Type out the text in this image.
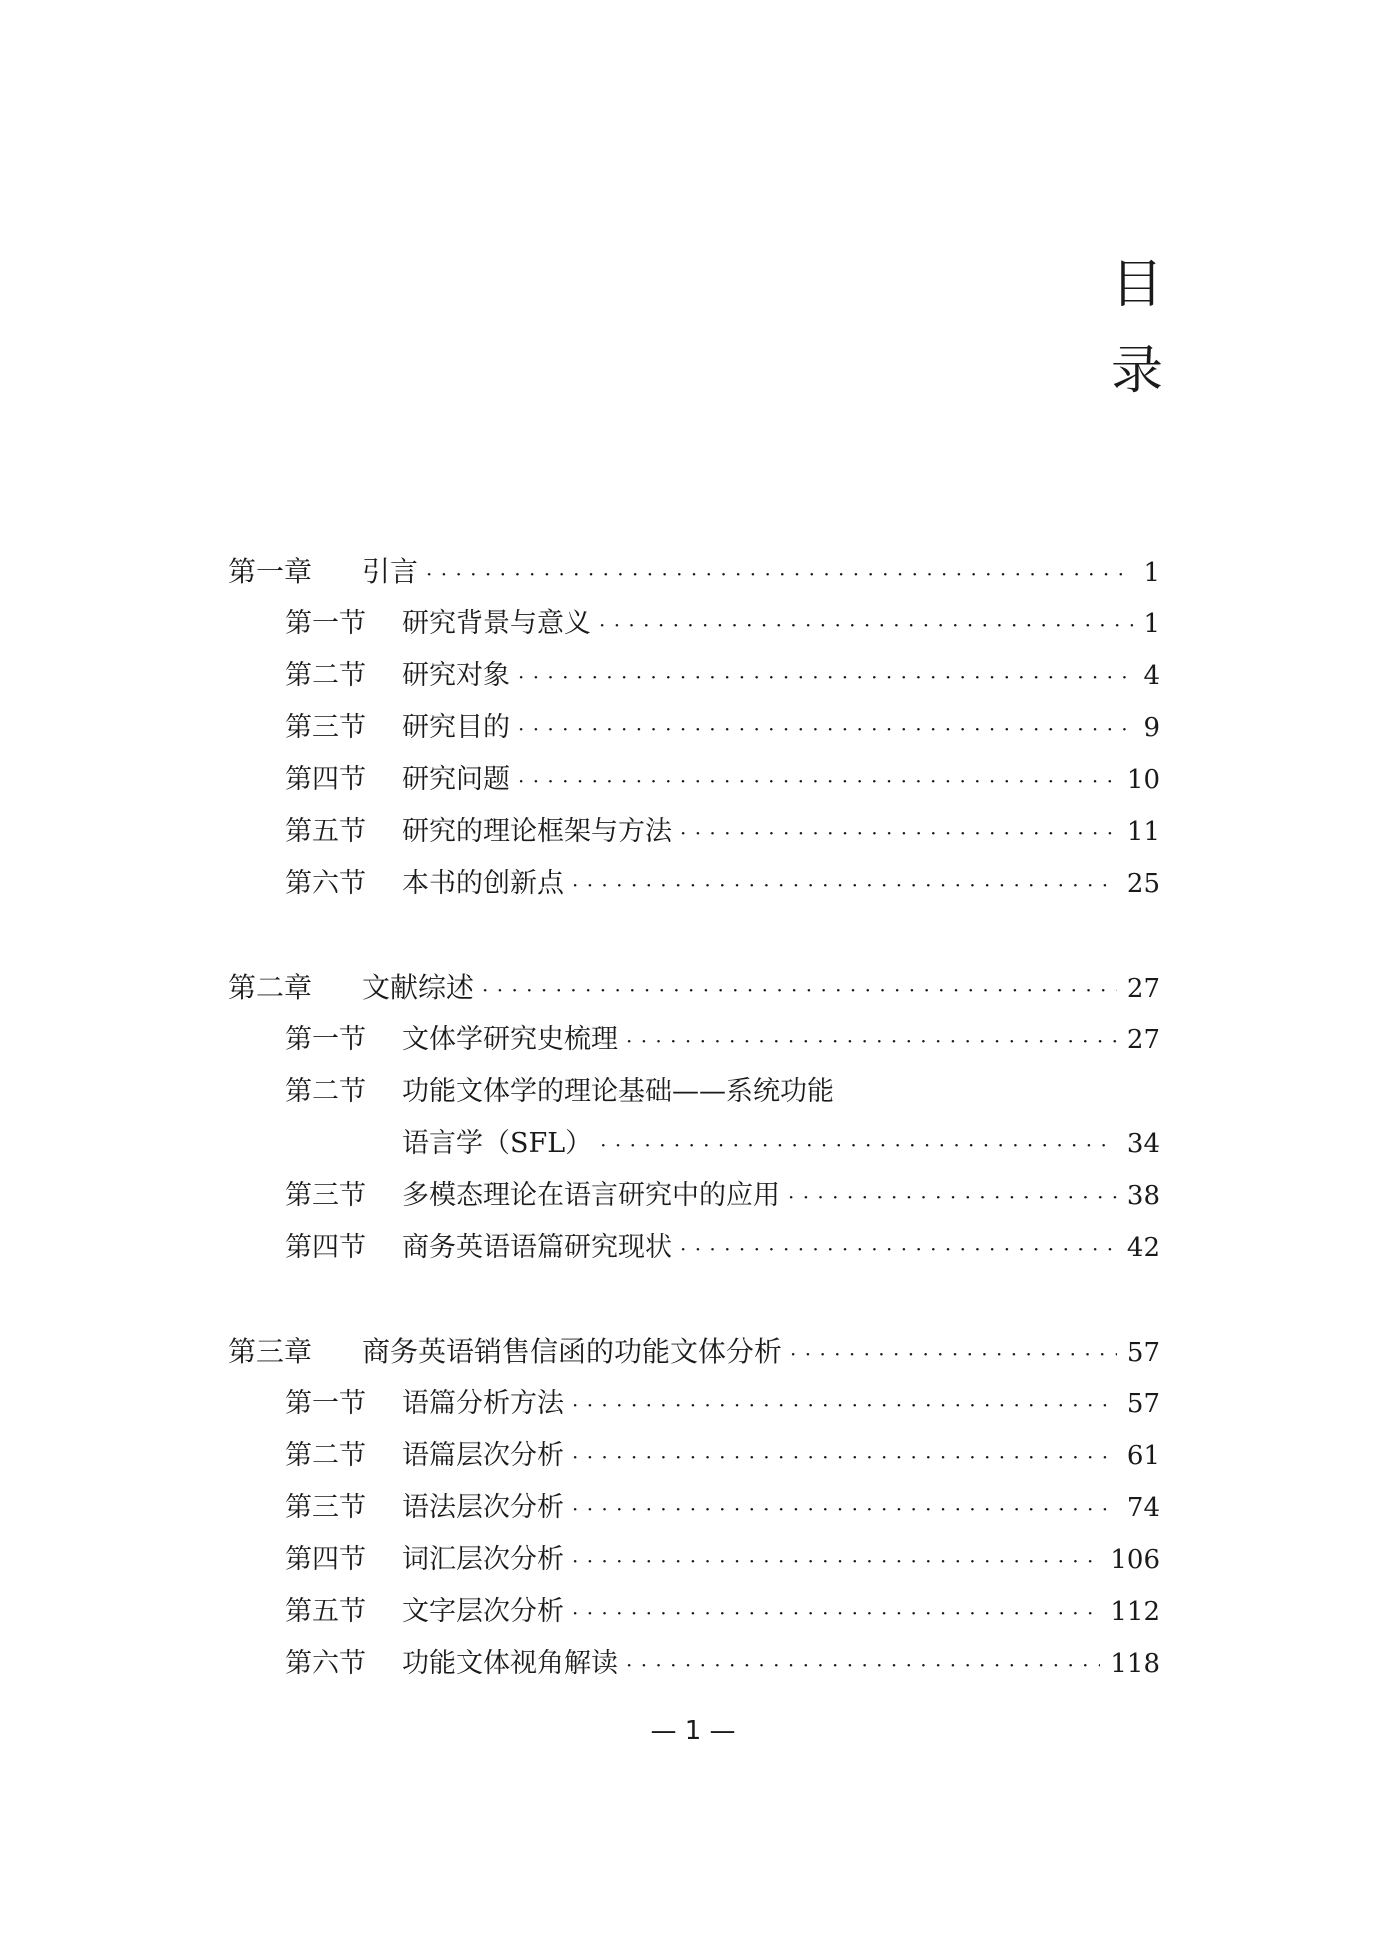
目
录
第一章	引言 · · ·	1
第一节	研究背景与意义 · · ·	1
第二节	研究对象 · · ·	4
第三节	研究目的 · · ·	9
第四节	研究问题 · · ·	10
第五节	研究的理论框架与方法 · · ·	11
第六节	本书的创新点 · · ·	25
第二章	文献综述 · · ·	27
第一节	文体学研究史梳理 · · ·	27
第二节	功能文体学的理论基础——系统功能
语言学（SFL） · · ·	34
第三节	多模态理论在语言研究中的应用 · · ·	38
第四节	商务英语语篇研究现状 · · ·	42
第三章	商务英语销售信函的功能文体分析 · · ·	57
第一节	语篇分析方法 · · ·	57
第二节	语篇层次分析 · · ·	61
第三节	语法层次分析 · · ·	74
第四节	词汇层次分析 · · ·	106
第五节	文字层次分析 · · ·	112
第六节	功能文体视角解读 · · ·	118
— 1 —
